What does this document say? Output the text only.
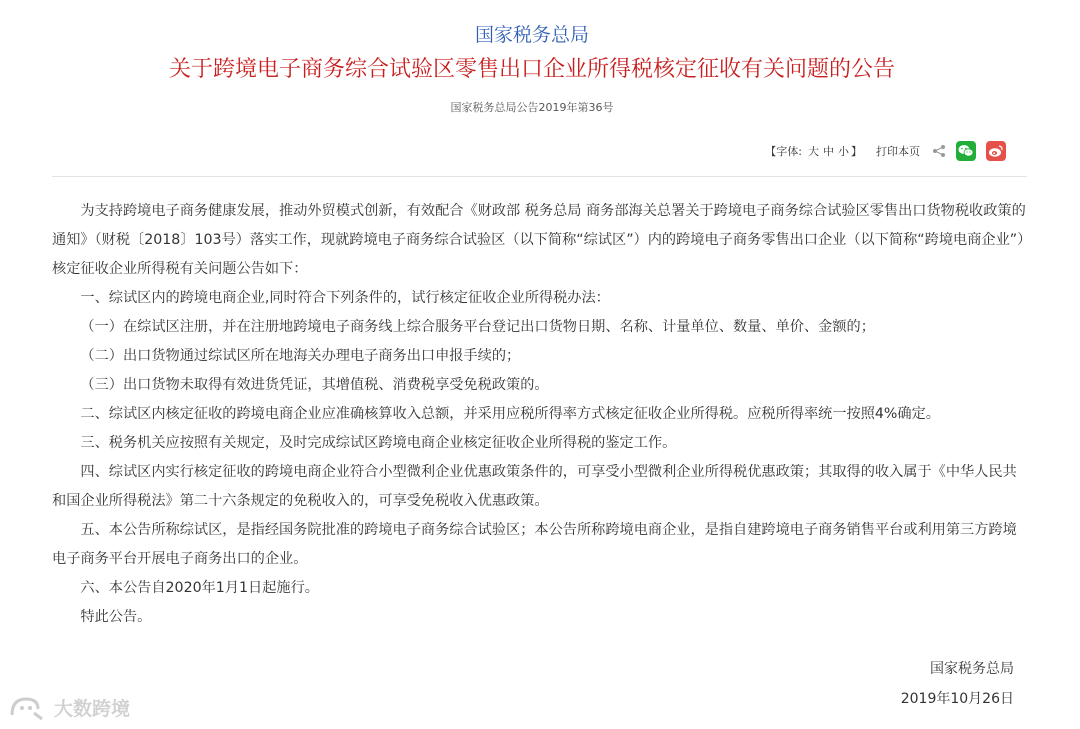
国家税务总局
关于跨境电子商务综合试验区零售出口企业所得税核定征收有关问题的公告
国家税务总局公告2019年第36号
【字体: 大 中 小 】 打印本页

为支持跨境电子商务健康发展，推动外贸模式创新，有效配合《财政部 税务总局 商务部海关总署关于跨境电子商务综合试验区零售出口货物税收政策的通知》（财税〔2018〕103号）落实工作，现就跨境电子商务综合试验区（以下简称“综试区”）内的跨境电子商务零售出口企业（以下简称“跨境电商企业”）核定征收企业所得税有关问题公告如下：

一、综试区内的跨境电商企业,同时符合下列条件的，试行核定征收企业所得税办法：

（一）在综试区注册，并在注册地跨境电子商务线上综合服务平台登记出口货物日期、名称、计量单位、数量、单价、金额的；

（二）出口货物通过综试区所在地海关办理电子商务出口申报手续的；

（三）出口货物未取得有效进货凭证，其增值税、消费税享受免税政策的。

二、综试区内核定征收的跨境电商企业应准确核算收入总额，并采用应税所得率方式核定征收企业所得税。应税所得率统一按照4%确定。

三、税务机关应按照有关规定，及时完成综试区跨境电商企业核定征收企业所得税的鉴定工作。

四、综试区内实行核定征收的跨境电商企业符合小型微利企业优惠政策条件的，可享受小型微利企业所得税优惠政策；其取得的收入属于《中华人民共和国企业所得税法》第二十六条规定的免税收入的，可享受免税收入优惠政策。

五、本公告所称综试区，是指经国务院批准的跨境电子商务综合试验区；本公告所称跨境电商企业，是指自建跨境电子商务销售平台或利用第三方跨境电子商务平台开展电子商务出口的企业。

六、本公告自2020年1月1日起施行。

特此公告。

国家税务总局
2019年10月26日
大数跨境
